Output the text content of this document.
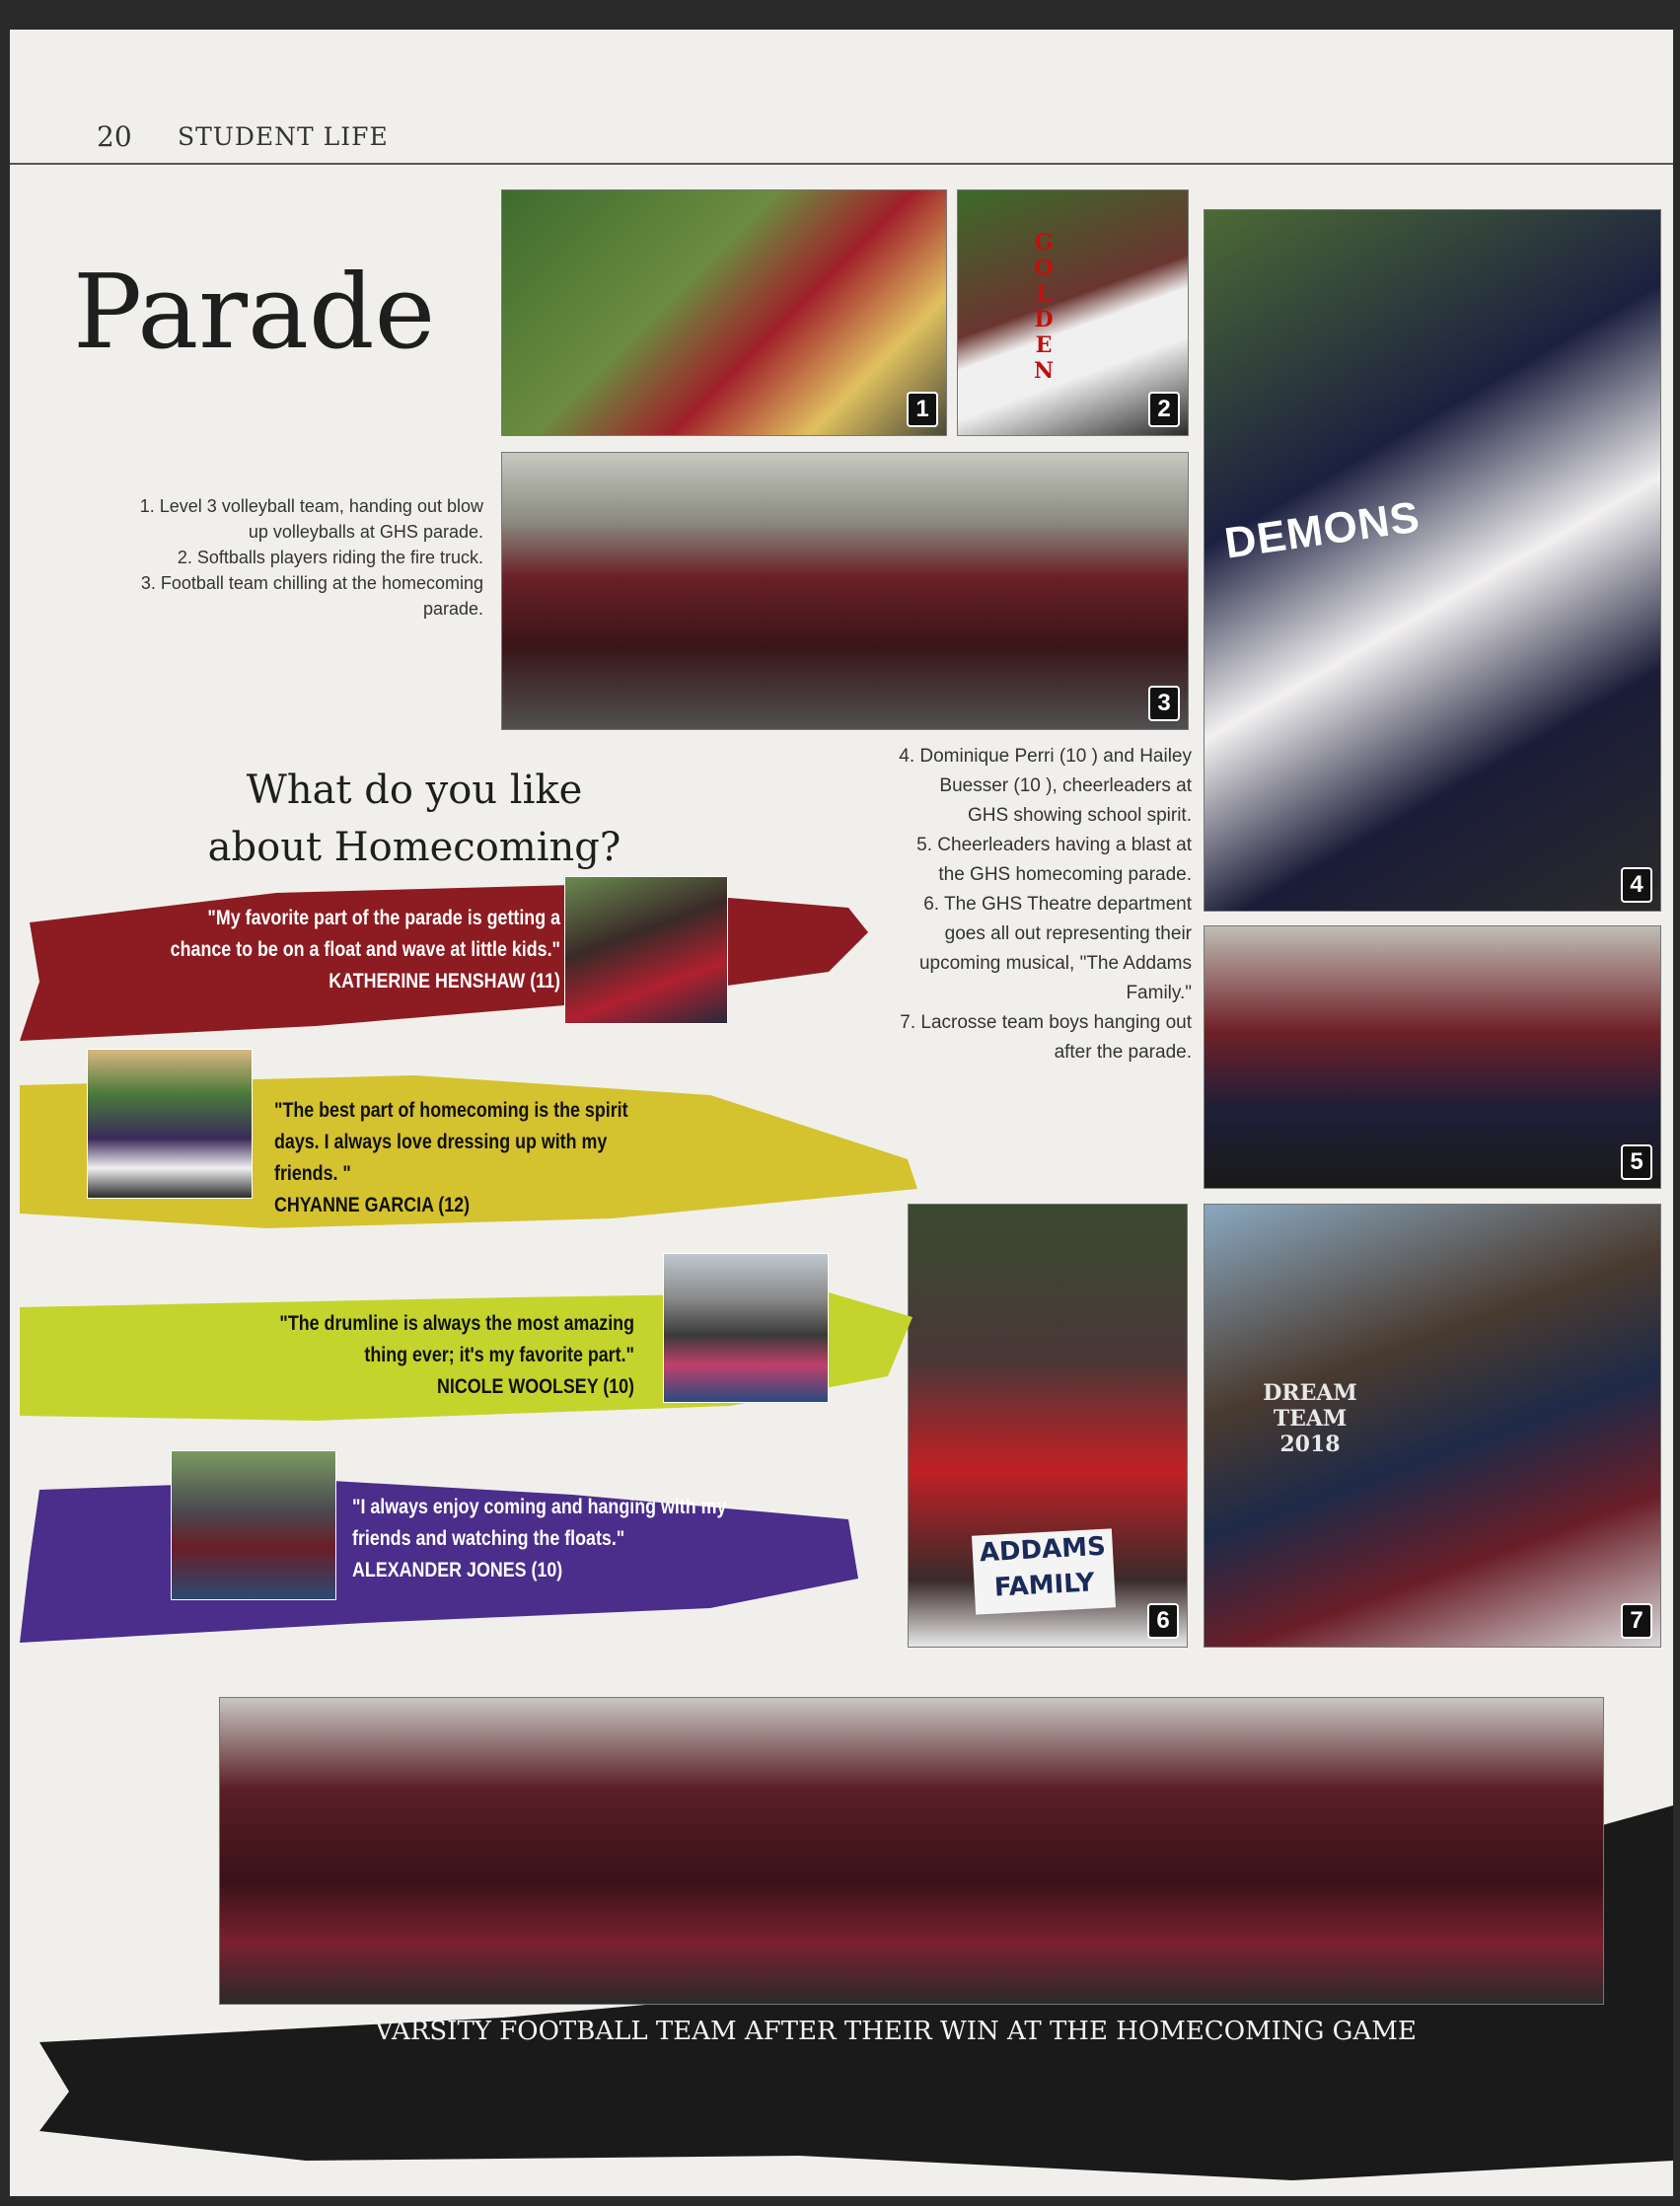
20 STUDENT LIFE
Parade
1
GOLDEN
2
3
DEMONS
4
5
ADDAMS FAMILY
6
DREAM TEAM 2018
7

1. Level 3 volleyball team, handing out blow up volleyballs at GHS parade.

2. Softballs players riding the fire truck.

3. Football team chilling at the homecoming parade.

4. Dominique Perri (10 ) and Hailey Buesser (10 ), cheerleaders at GHS showing school spirit.

5. Cheerleaders having a blast at the GHS homecoming parade.

6. The GHS Theatre department goes all out representing their upcoming musical, "The Addams Family."

7. Lacrosse team boys hanging out after the parade.

What do you like about Homecoming?
"My favorite part of the parade is getting a chance to be on a float and wave at little kids."
KATHERINE HENSHAW (11)
"The best part of homecoming is the spirit days. I always love dressing up with my friends. "
CHYANNE GARCIA (12)
"The drumline is always the most amazing thing ever; it's my favorite part."
NICOLE WOOLSEY (10)
"I always enjoy coming and hanging with my friends and watching the floats."
ALEXANDER JONES (10)
VARSITY FOOTBALL TEAM AFTER THEIR WIN AT THE HOMECOMING GAME
